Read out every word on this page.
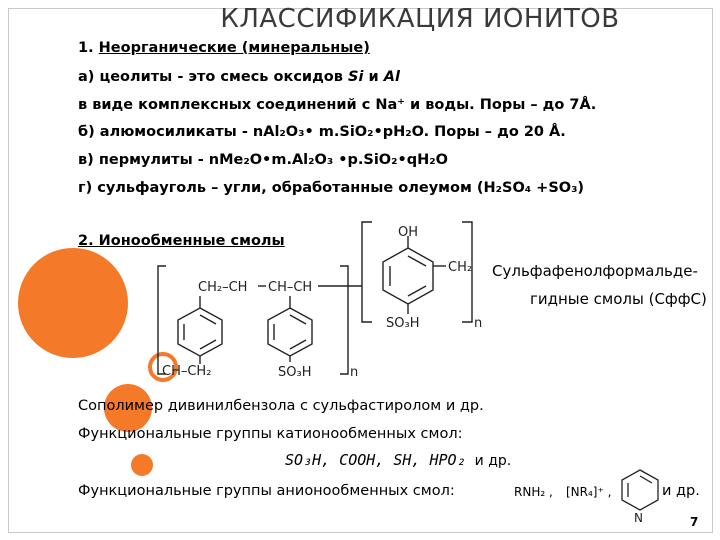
КЛАССИФИКАЦИЯ ИОНИТОВ
1. Неорганические (минеральные)
а) цеолиты - это смесь оксидов Si и Al
в виде комплексных соединений с Na⁺ и воды. Поры – до 7Å.
б) алюмосиликаты - nAl₂O₃• m.SiO₂•pH₂O. Поры – до 20 Å.
в) пермулиты - nMe₂O•m.Al₂O₃ •p.SiO₂•qH₂O
г) сульфауголь – угли, обработанные олеумом (H₂SO₄ +SO₃)
2. Ионообменные смолы
Сульфафенолформальде-
гидные смолы (СффС)
OH
CH₂
SO₃H	n
CH₂–CH CH–CH
CH–CH₂	SO₃H	n
N
Сополимер дивинилбензола с сульфастиролом и др.
Функциональные группы катионообменных смол:
SO₃H, COOH, SH, HPO₂ и др.
Функциональные группы анионообменных смол:	RNH₂ , [NR₄]⁺ ,	и др.
7
